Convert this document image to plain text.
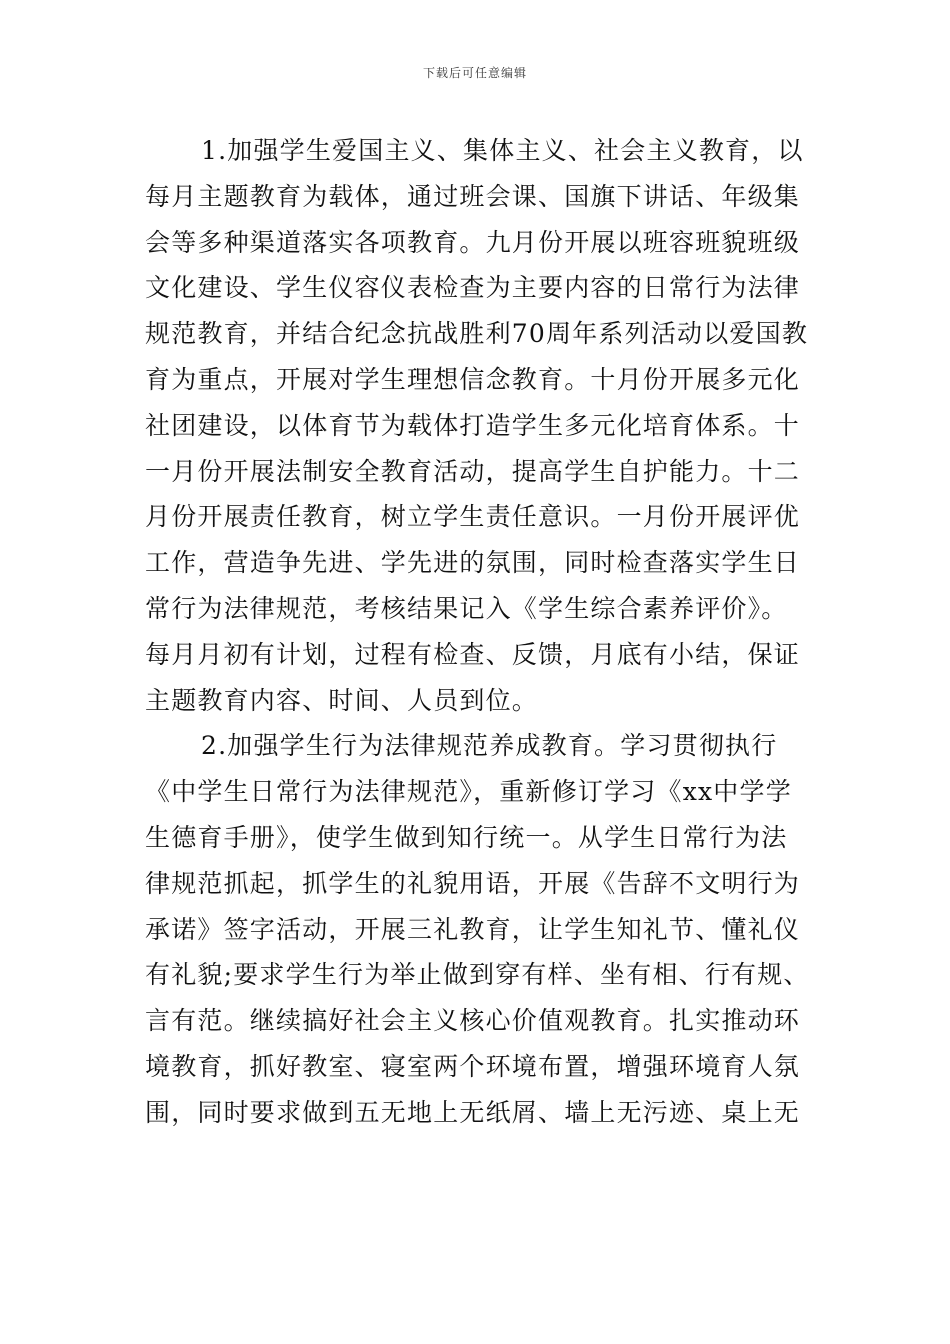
下载后可任意编辑
1.加强学生爱国主义、集体主义、社会主义教育，以
每月主题教育为载体，通过班会课、国旗下讲话、年级集
会等多种渠道落实各项教育。九月份开展以班容班貌班级
文化建设、学生仪容仪表检查为主要内容的日常行为法律
规范教育，并结合纪念抗战胜利70周年系列活动以爱国教
育为重点，开展对学生理想信念教育。十月份开展多元化
社团建设，以体育节为载体打造学生多元化培育体系。十
一月份开展法制安全教育活动，提高学生自护能力。十二
月份开展责任教育，树立学生责任意识。一月份开展评优
工作，营造争先进、学先进的氛围，同时检查落实学生日
常行为法律规范，考核结果记入《学生综合素养评价》。
每月月初有计划，过程有检查、反馈，月底有小结，保证
主题教育内容、时间、人员到位。
2.加强学生行为法律规范养成教育。学习贯彻执行
《中学生日常行为法律规范》，重新修订学习《xx中学学
生德育手册》，使学生做到知行统一。从学生日常行为法
律规范抓起，抓学生的礼貌用语，开展《告辞不文明行为
承诺》签字活动，开展三礼教育，让学生知礼节、懂礼仪
有礼貌;要求学生行为举止做到穿有样、坐有相、行有规、
言有范。继续搞好社会主义核心价值观教育。扎实推动环
境教育，抓好教室、寝室两个环境布置，增强环境育人氛
围，同时要求做到五无地上无纸屑、墙上无污迹、桌上无
